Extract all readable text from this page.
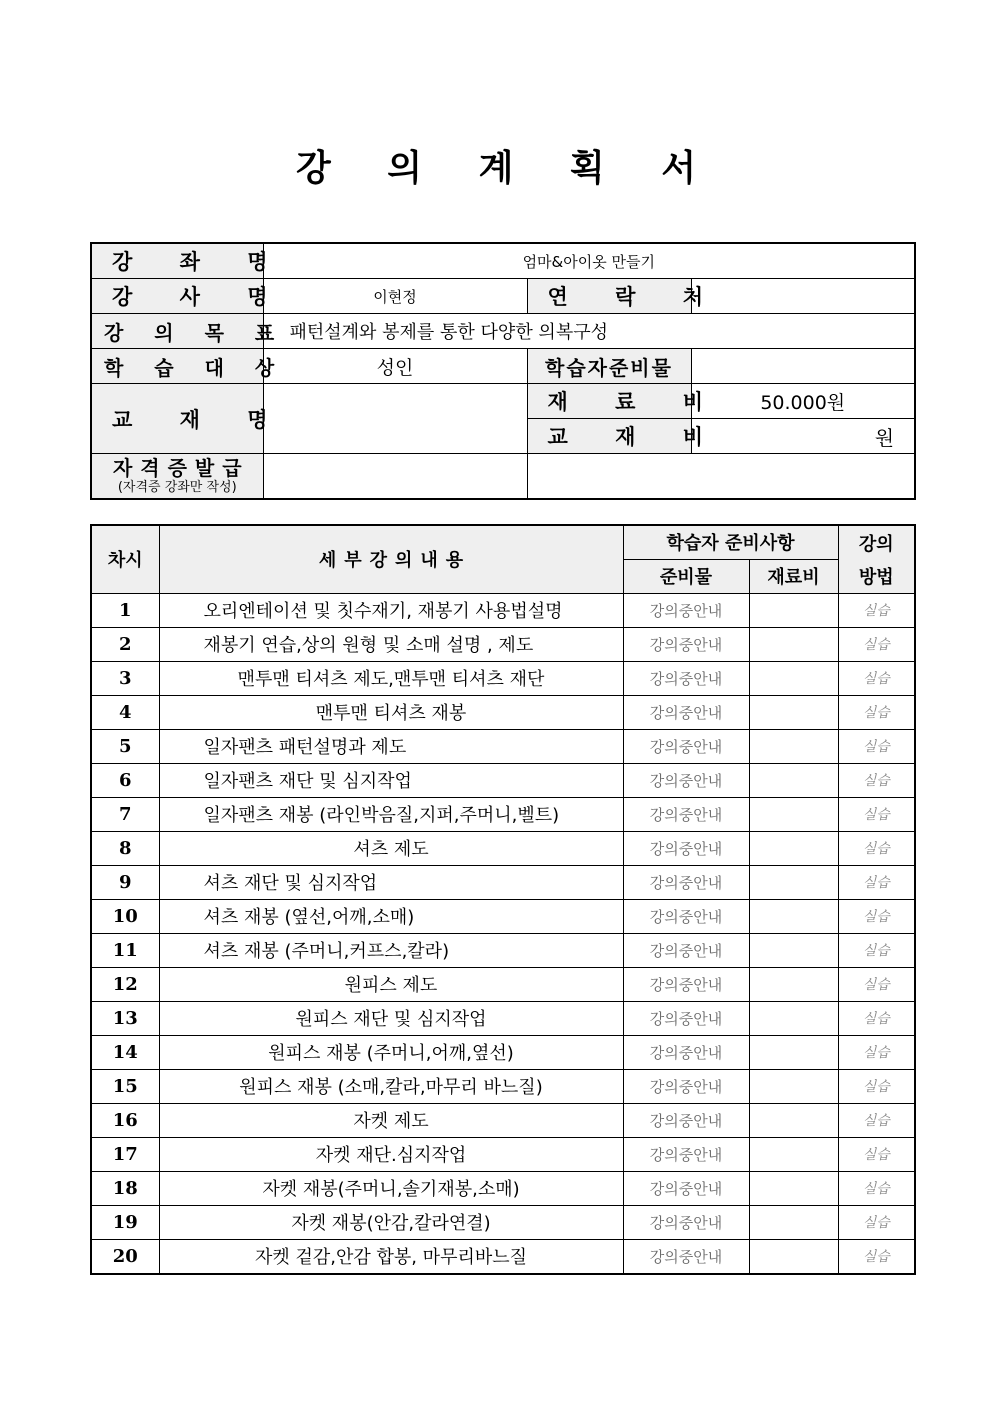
강 의 계 획 서
강 좌 명	엄마&아이옷 만들기		
강 사 명	이현정	연 락 처	
강 의 목 표	패턴설계와 봉제를 통한 다양한 의복구성		
학 습 대 상	성인	학습자준비물	
교 재 명		재 료 비	50.000원
		교 재 비	원

자격증발급
(자격증 강좌만 작성)			

차시	세부강의내용	학습자 준비사항		강의
		준비물	재료비	방법
1	오리엔테이션 및 칫수재기, 재봉기 사용법설명	강의중안내		실습
2	재봉기 연습,상의 원형 및 소매 설명 , 제도	강의중안내		실습
3	맨투맨 티셔츠 제도,맨투맨 티셔츠 재단	강의중안내		실습
4	맨투맨 티셔츠 재봉	강의중안내		실습
5	일자팬츠 패턴설명과 제도	강의중안내		실습
6	일자팬츠 재단 및 심지작업	강의중안내		실습
7	일자팬츠 재봉 (라인박음질,지퍼,주머니,벨트)	강의중안내		실습
8	셔츠 제도	강의중안내		실습
9	셔츠 재단 및 심지작업	강의중안내		실습
10	셔츠 재봉 (옆선,어깨,소매)	강의중안내		실습
11	셔츠 재봉 (주머니,커프스,칼라)	강의중안내		실습
12	원피스 제도	강의중안내		실습
13	원피스 재단 및 심지작업	강의중안내		실습
14	원피스 재봉 (주머니,어깨,옆선)	강의중안내		실습
15	원피스 재봉 (소매,칼라,마무리 바느질)	강의중안내		실습
16	자켓 제도	강의중안내		실습
17	자켓 재단.심지작업	강의중안내		실습
18	자켓 재봉(주머니,솔기재봉,소매)	강의중안내		실습
19	자켓 재봉(안감,칼라연결)	강의중안내		실습
20	자켓 겉감,안감 합봉, 마무리바느질	강의중안내		실습
